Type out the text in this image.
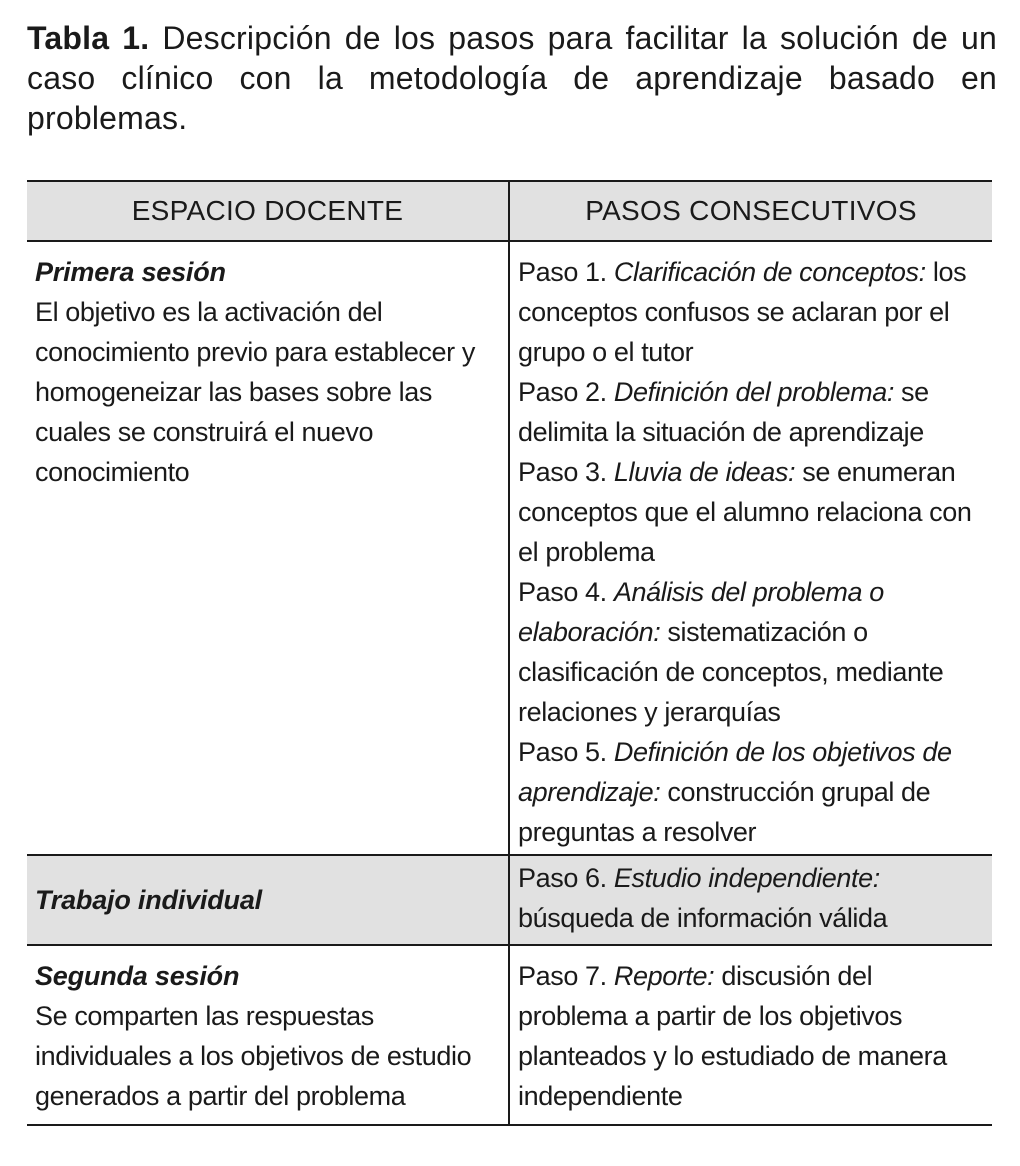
Tabla 1. Descripción de los pasos para facilitar la solución de un caso clínico con la metodología de aprendizaje basado en problemas.
ESPACIO DOCENTE	PASOS CONSECUTIVOS

Primera sesión
El objetivo es la activación del conocimiento previo para establecer y homogeneizar las bases sobre las cuales se construirá el nuevo conocimiento	Paso 1. Clarificación de conceptos: los conceptos confusos se aclaran por el grupo o el tutor
Paso 2. Definición del problema: se delimita la situación de aprendizaje
Paso 3. Lluvia de ideas: se enumeran conceptos que el alumno relaciona con el problema
Paso 4. Análisis del problema o elaboración: sistematización o clasificación de conceptos, mediante relaciones y jerarquías
Paso 5. Definición de los objetivos de aprendizaje: construcción grupal de preguntas a resolver

Trabajo individual	Paso 6. Estudio independiente: búsqueda de información válida

Segunda sesión
Se comparten las respuestas individuales a los objetivos de estudio generados a partir del problema	Paso 7. Reporte: discusión del problema a partir de los objetivos planteados y lo estudiado de manera independiente
